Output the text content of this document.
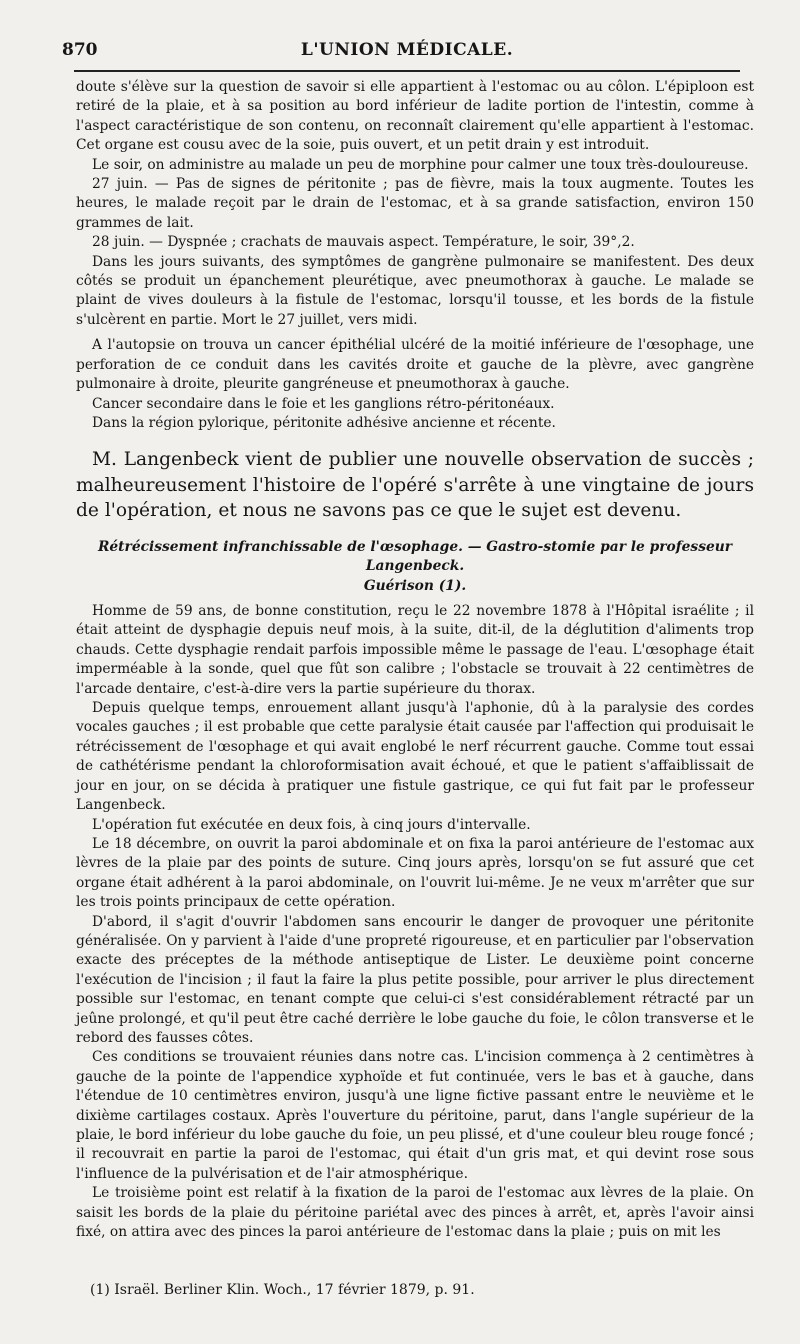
870	L'UNION MÉDICALE.

doute s'élève sur la question de savoir si elle appartient à l'estomac ou au côlon. L'épiploon est retiré de la plaie, et à sa position au bord inférieur de ladite portion de l'intestin, comme à l'aspect caractéristique de son contenu, on reconnaît clairement qu'elle appartient à l'estomac. Cet organe est cousu avec de la soie, puis ouvert, et un petit drain y est introduit.

Le soir, on administre au malade un peu de morphine pour calmer une toux très-douloureuse.

27 juin. — Pas de signes de péritonite ; pas de fièvre, mais la toux augmente. Toutes les heures, le malade reçoit par le drain de l'estomac, et à sa grande satisfaction, environ 150 grammes de lait.

28 juin. — Dyspnée ; crachats de mauvais aspect. Température, le soir, 39°,2.

Dans les jours suivants, des symptômes de gangrène pulmonaire se manifestent. Des deux côtés se produit un épanchement pleurétique, avec pneumothorax à gauche. Le malade se plaint de vives douleurs à la fistule de l'estomac, lorsqu'il tousse, et les bords de la fistule s'ulcèrent en partie. Mort le 27 juillet, vers midi.

A l'autopsie on trouva un cancer épithélial ulcéré de la moitié inférieure de l'œsophage, une perforation de ce conduit dans les cavités droite et gauche de la plèvre, avec gangrène pulmonaire à droite, pleurite gangréneuse et pneumothorax à gauche.

Cancer secondaire dans le foie et les ganglions rétro-péritonéaux.

Dans la région pylorique, péritonite adhésive ancienne et récente.

M. Langenbeck vient de publier une nouvelle observation de succès ; malheureusement l'histoire de l'opéré s'arrête à une vingtaine de jours de l'opération, et nous ne savons pas ce que le sujet est devenu.

Rétrécissement infranchissable de l'œsophage. — Gastro-stomie par le professeur Langenbeck.
Guérison (1).

Homme de 59 ans, de bonne constitution, reçu le 22 novembre 1878 à l'Hôpital israélite ; il était atteint de dysphagie depuis neuf mois, à la suite, dit-il, de la déglutition d'aliments trop chauds. Cette dysphagie rendait parfois impossible même le passage de l'eau. L'œsophage était imperméable à la sonde, quel que fût son calibre ; l'obstacle se trouvait à 22 centimètres de l'arcade dentaire, c'est-à-dire vers la partie supérieure du thorax.

Depuis quelque temps, enrouement allant jusqu'à l'aphonie, dû à la paralysie des cordes vocales gauches ; il est probable que cette paralysie était causée par l'affection qui produisait le rétrécissement de l'œsophage et qui avait englobé le nerf récurrent gauche. Comme tout essai de cathétérisme pendant la chloroformisation avait échoué, et que le patient s'affaiblissait de jour en jour, on se décida à pratiquer une fistule gastrique, ce qui fut fait par le professeur Langenbeck.

L'opération fut exécutée en deux fois, à cinq jours d'intervalle.

Le 18 décembre, on ouvrit la paroi abdominale et on fixa la paroi antérieure de l'estomac aux lèvres de la plaie par des points de suture. Cinq jours après, lorsqu'on se fut assuré que cet organe était adhérent à la paroi abdominale, on l'ouvrit lui-même. Je ne veux m'arrêter que sur les trois points principaux de cette opération.

D'abord, il s'agit d'ouvrir l'abdomen sans encourir le danger de provoquer une péritonite généralisée. On y parvient à l'aide d'une propreté rigoureuse, et en particulier par l'observation exacte des préceptes de la méthode antiseptique de Lister. Le deuxième point concerne l'exécution de l'incision ; il faut la faire la plus petite possible, pour arriver le plus directement possible sur l'estomac, en tenant compte que celui-ci s'est considérablement rétracté par un jeûne prolongé, et qu'il peut être caché derrière le lobe gauche du foie, le côlon transverse et le rebord des fausses côtes.

Ces conditions se trouvaient réunies dans notre cas. L'incision commença à 2 centimètres à gauche de la pointe de l'appendice xyphoïde et fut continuée, vers le bas et à gauche, dans l'étendue de 10 centimètres environ, jusqu'à une ligne fictive passant entre le neuvième et le dixième cartilages costaux. Après l'ouverture du péritoine, parut, dans l'angle supérieur de la plaie, le bord inférieur du lobe gauche du foie, un peu plissé, et d'une couleur bleu rouge foncé ; il recouvrait en partie la paroi de l'estomac, qui était d'un gris mat, et qui devint rose sous l'influence de la pulvérisation et de l'air atmosphérique.

Le troisième point est relatif à la fixation de la paroi de l'estomac aux lèvres de la plaie. On saisit les bords de la plaie du péritoine pariétal avec des pinces à arrêt, et, après l'avoir ainsi fixé, on attira avec des pinces la paroi antérieure de l'estomac dans la plaie ; puis on mit les

(1) Israël. Berliner Klin. Woch., 17 février 1879, p. 91.
